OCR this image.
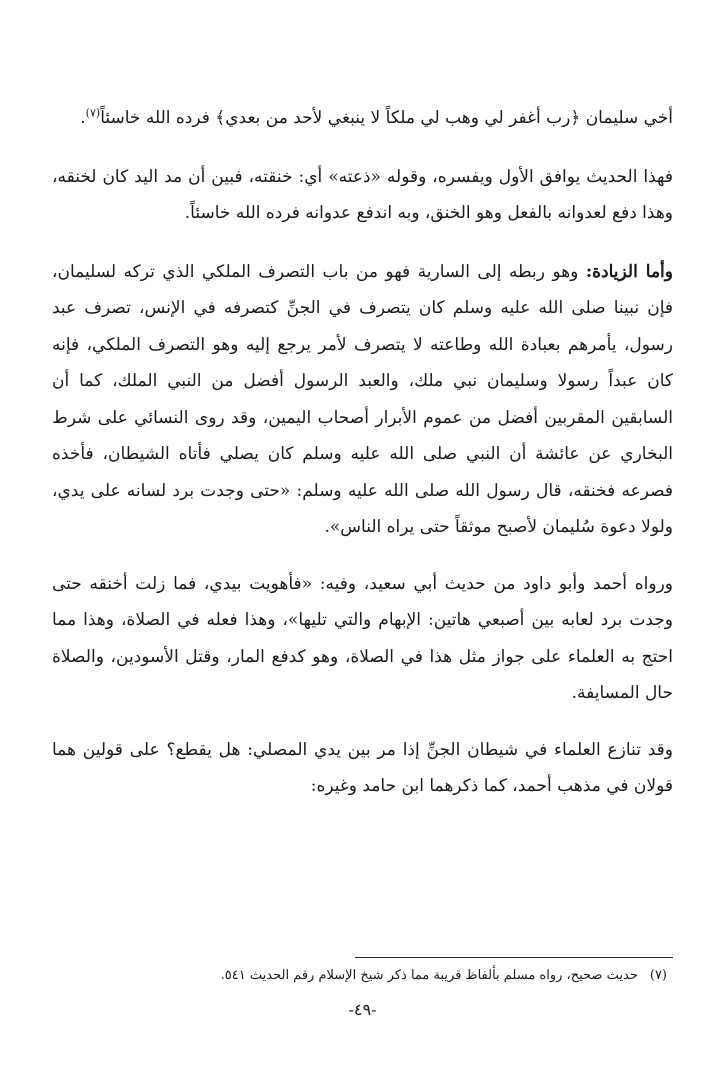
أخي سليمان ﴿رب أغفر لي وهب لي ملكاً لا ينبغي لأحد من بعدي﴾ فرده الله خاسئاً$^{(٧)}$.

فهذا الحديث يوافق الأول ويفسره، وقوله «ذعته» أي: خنقته، فبين أن مد اليد كان لخنقه، وهذا دفع لعدوانه بالفعل وهو الخنق، وبه اندفع عدوانه فرده الله خاسئاً.

وأما الزيادة: وهو ربطه إلى السارية فهو من باب التصرف الملكي الذي تركه لسليمان، فإن نبينا صلى الله عليه وسلم كان يتصرف في الجنِّ كتصرفه في الإنس، تصرف عبد رسول، يأمرهم بعبادة الله وطاعته لا يتصرف لأمر يرجع إليه وهو التصرف الملكي، فإنه كان عبداً رسولا وسليمان نبي ملك، والعبد الرسول أفضل من النبي الملك، كما أن السابقين المقربين أفضل من عموم الأبرار أصحاب اليمين، وقد روى النسائي على شرط البخاري عن عائشة أن النبي صلى الله عليه وسلم كان يصلي فأتاه الشيطان، فأخذه فصرعه فخنقه، قال رسول الله صلى الله عليه وسلم: «حتى وجدت برد لسانه على يدي، ولولا دعوة سُليمان لأصبح موثقاً حتى يراه الناس».

ورواه أحمد وأبو داود من حديث أبي سعيد، وفيه: «فأهويت بيدي، فما زلت أخنقه حتى وجدت برد لعابه بين أصبعي هاتين: الإبهام والتي تليها»، وهذا فعله في الصلاة، وهذا مما احتج به العلماء على جواز مثل هذا في الصلاة، وهو كدفع المار، وقتل الأسودين، والصلاة حال المسايفة.

وقد تنازع العلماء في شيطان الجنِّ إذا مر بين يدي المصلي: هل يقطع؟ على قولين هما قولان في مذهب أحمد، كما ذكرهما ابن حامد وغيره:

(٧)حديث صحيح، رواه مسلم بألفاظ قريبة مما ذكر شيخ الإسلام رقم الحديث ٥٤١.
-٤٩-
